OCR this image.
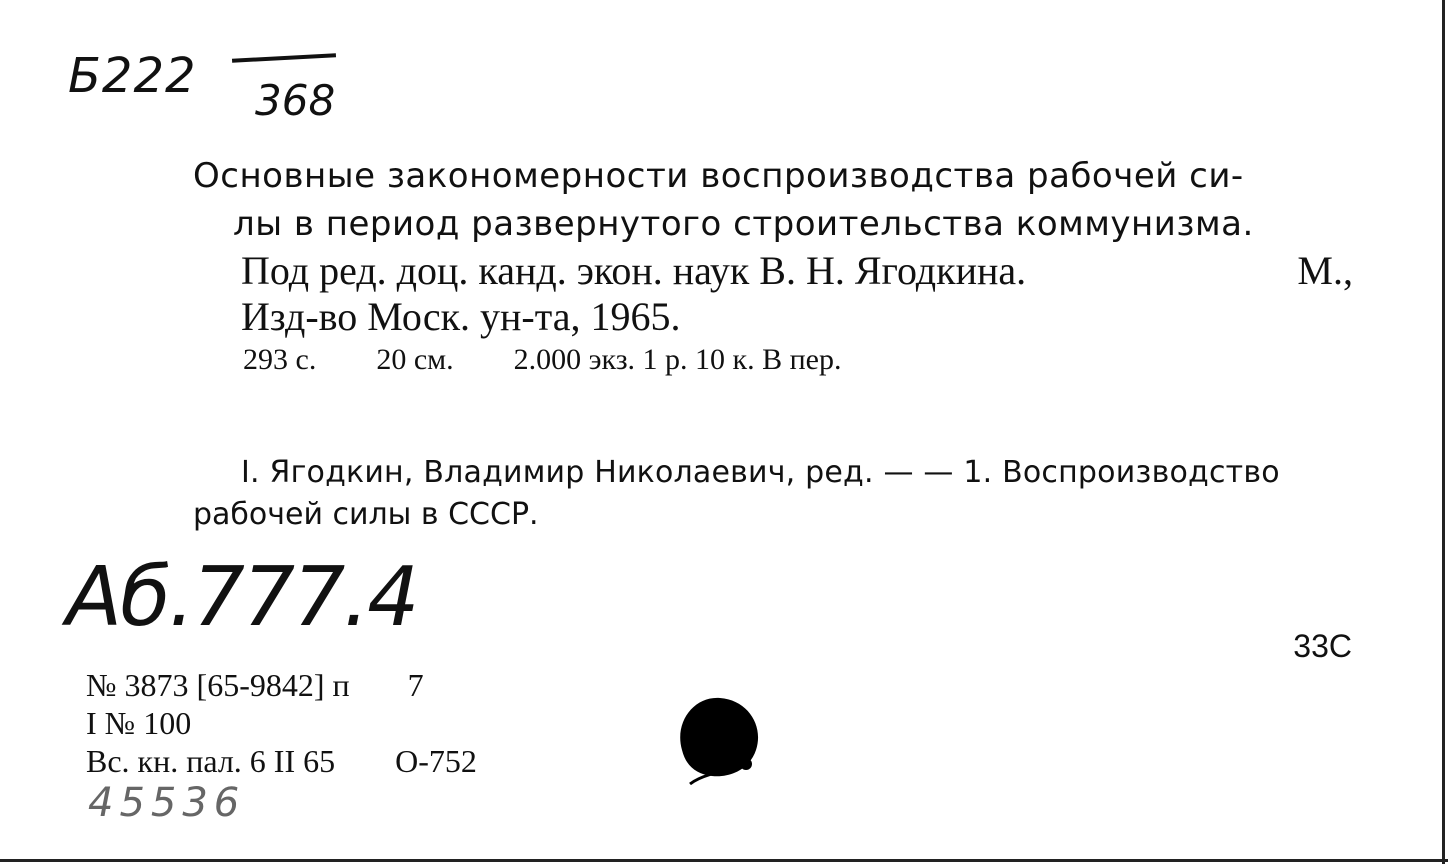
Б222 368
Основные закономерности воспроизводства рабочей си-
лы в период развернутого строительства коммунизма.
Под ред. доц. канд. экон. наук В. Н. Ягодкина.	М.,
Изд-во Моск. ун-та, 1965.
293 с. 20 см. 2.000 экз. 1 р. 10 к. В пер.
I. Ягодкин, Владимир Николаевич, ред. — — 1. Воспроизводство
рабочей силы в СССР.
Аб.777.4
33С
№ 3873 [65-9842] п 7
I № 100
Вс. кн. пал. 6 II 65 О-752
45536
